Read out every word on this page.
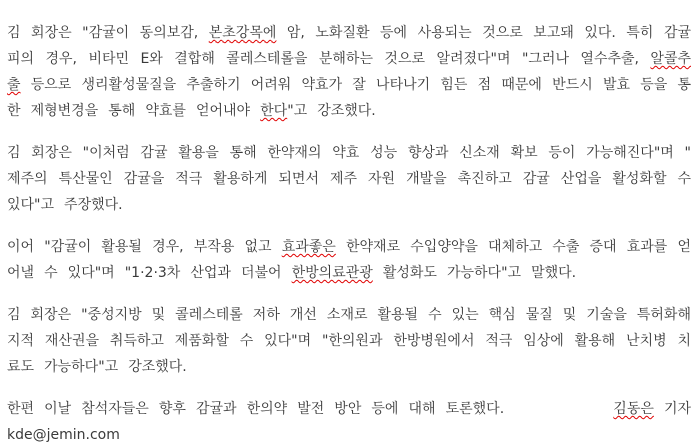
김 회장은 "감귤이 동의보감, 본초강목에 암, 노화질환 등에 사용되는 것으로 보고돼 있다. 특히 감귤
피의 경우, 비타민 E와 결합해 콜레스테롤을 분해하는 것으로 알려졌다"며 "그러나 열수추출, 알콜추
출 등으로 생리활성물질을 추출하기 어려워 약효가 잘 나타나기 힘든 점 때문에 반드시 발효 등을 통
한 제형변경을 통해 약효를 얻어내야 한다"고 강조했다.

김 회장은 "이처럼 감귤 활용을 통해 한약재의 약효 성능 향상과 신소재 확보 등이 가능해진다"며 "
제주의 특산물인 감귤을 적극 활용하게 되면서 제주 자원 개발을 촉진하고 감귤 산업을 활성화할 수
있다"고 주장했다.

이어 "감귤이 활용될 경우, 부작용 없고 효과좋은 한약재로 수입양약을 대체하고 수출 증대 효과를 얻
어낼 수 있다"며 "1·2·3차 산업과 더불어 한방의료관광 활성화도 가능하다"고 말했다.

김 회장은 "중성지방 및 콜레스테롤 저하 개선 소재로 활용될 수 있는 핵심 물질 및 기술을 특허화해
지적 재산권을 취득하고 제품화할 수 있다"며 "한의원과 한방병원에서 적극 임상에 활용해 난치병 치
료도 가능하다"고 강조했다.

한편 이날 참석자들은 향후 감귤과 한의약 발전 방안 등에 대해 토론했다.	김동은 기자
kde@jemin.com
